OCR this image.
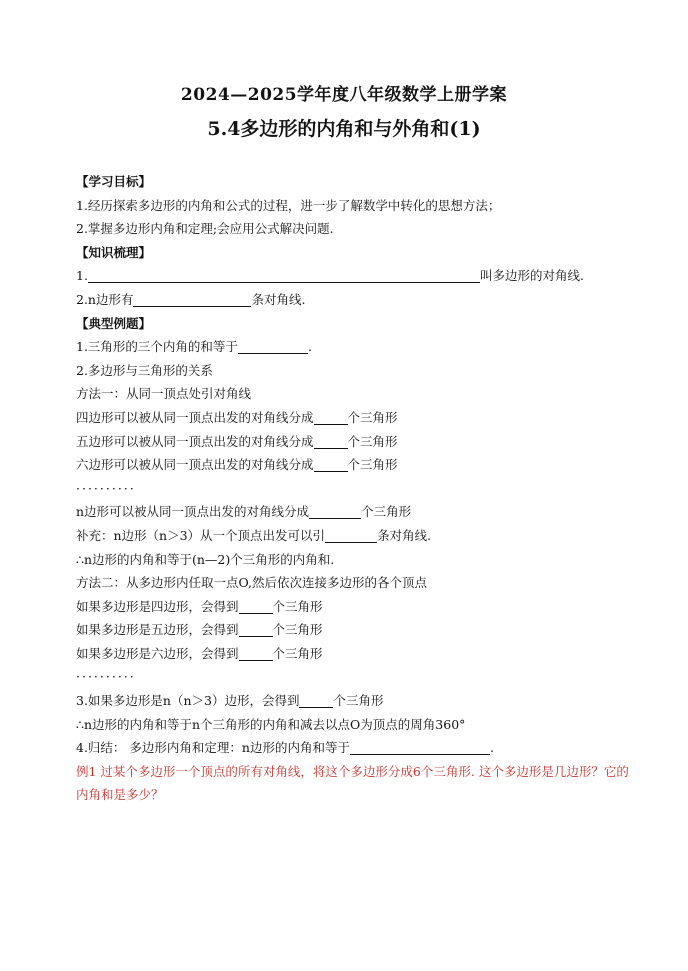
2024—2025学年度八年级数学上册学案
5.4多边形的内角和与外角和(1)
【学习目标】
1.经历探索多边形的内角和公式的过程，进一步了解数学中转化的思想方法；
2.掌握多边形内角和定理;会应用公式解决问题.
【知识梳理】
1.	叫多边形的对角线.
2.n边形有	条对角线.
【典型例题】
1.三角形的三个内角的和等于	.
2.多边形与三角形的关系
方法一：从同一顶点处引对角线
四边形可以被从同一顶点出发的对角线分成	个三角形
五边形可以被从同一顶点出发的对角线分成	个三角形
六边形可以被从同一顶点出发的对角线分成	个三角形
··········
n边形可以被从同一顶点出发的对角线分成	个三角形
补充：n边形（n＞3）从一个顶点出发可以引	条对角线.
∴n边形的内角和等于(n—2)个三角形的内角和.
方法二：从多边形内任取一点O,然后依次连接多边形的各个顶点
如果多边形是四边形，会得到	个三角形
如果多边形是五边形，会得到	个三角形
如果多边形是六边形，会得到	个三角形
··········
3.如果多边形是n（n＞3）边形，会得到	个三角形
∴n边形的内角和等于n个三角形的内角和减去以点O为顶点的周角360°
4.归结： 多边形内角和定理：n边形的内角和等于	.
例1 过某个多边形一个顶点的所有对角线，将这个多边形分成6个三角形. 这个多边形是几边形？它的内角和是多少？
